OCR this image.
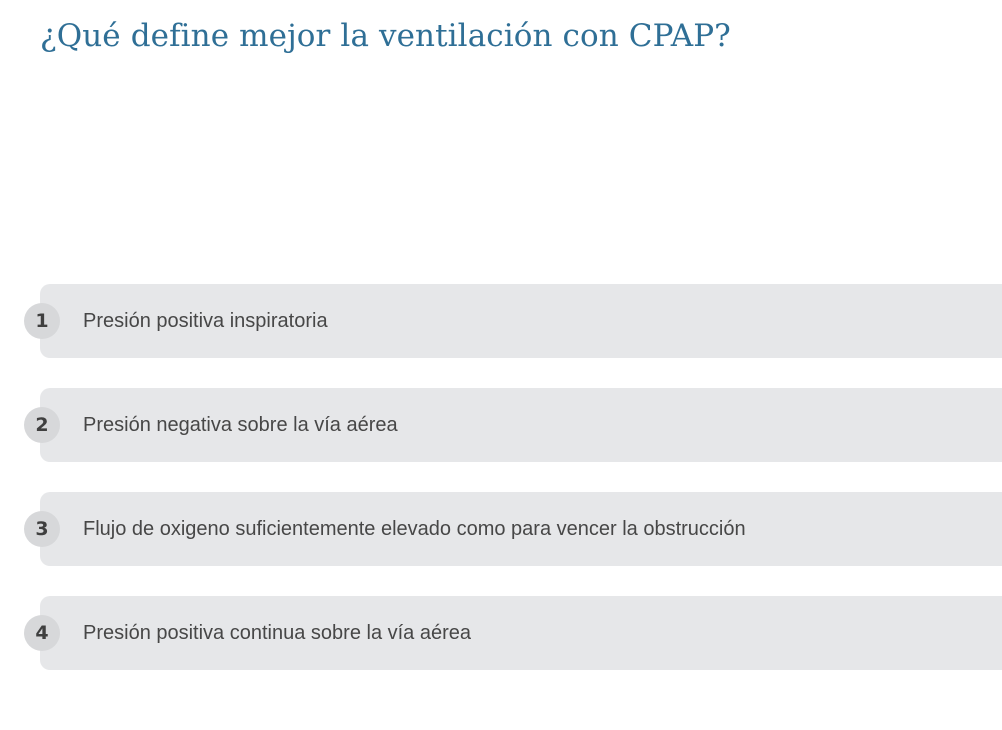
¿Qué define mejor la ventilación con CPAP?
1	Presión positiva inspiratoria
2	Presión negativa sobre la vía aérea
3	Flujo de oxigeno suficientemente elevado como para vencer la obstrucción
4	Presión positiva continua sobre la vía aérea
